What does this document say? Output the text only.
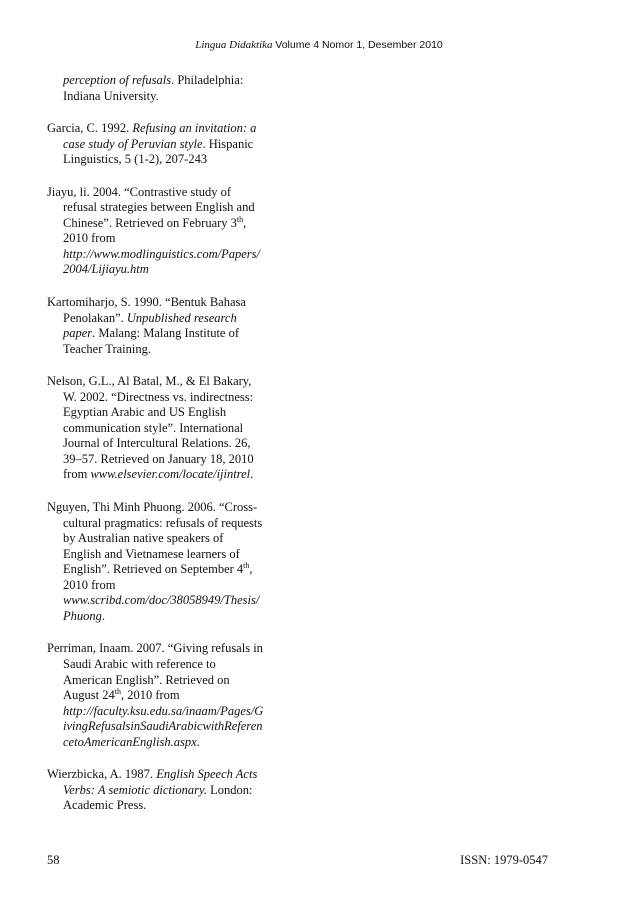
Lingua Didaktika Volume 4 Nomor 1, Desember 2010
perception of refusals. Philadelphia:
Indiana University.
Garcia, C. 1992. Refusing an invitation: a
case study of Peruvian style. Hispanic
Linguistics, 5 (1-2), 207-243
Jiayu, li. 2004. “Contrastive study of
refusal strategies between English and
Chinese”. Retrieved on February 3th,
2010 from
http://www.modlinguistics.com/Papers/
2004/Lijiayu.htm
Kartomiharjo, S. 1990. “Bentuk Bahasa
Penolakan”. Unpublished research
paper. Malang: Malang Institute of
Teacher Training.
Nelson, G.L., Al Batal, M., & El Bakary,
W. 2002. “Directness vs. indirectness:
Egyptian Arabic and US English
communication style”. International
Journal of Intercultural Relations. 26,
39–57. Retrieved on January 18, 2010
from www.elsevier.com/locate/ijintrel.
Nguyen, Thi Minh Phuong. 2006. “Cross-
cultural pragmatics: refusals of requests
by Australian native speakers of
English and Vietnamese learners of
English”. Retrieved on September 4th,
2010 from
www.scribd.com/doc/38058949/Thesis/
Phuong.
Perriman, Inaam. 2007. “Giving refusals in
Saudi Arabic with reference to
American English”. Retrieved on
August 24th, 2010 from
http://faculty.ksu.edu.sa/inaam/Pages/G
ivingRefusalsinSaudiArabicwithReferen
cetoAmericanEnglish.aspx.
Wierzbicka, A. 1987. English Speech Acts
Verbs: A semiotic dictionary. London:
Academic Press.
58	ISSN: 1979-0547
